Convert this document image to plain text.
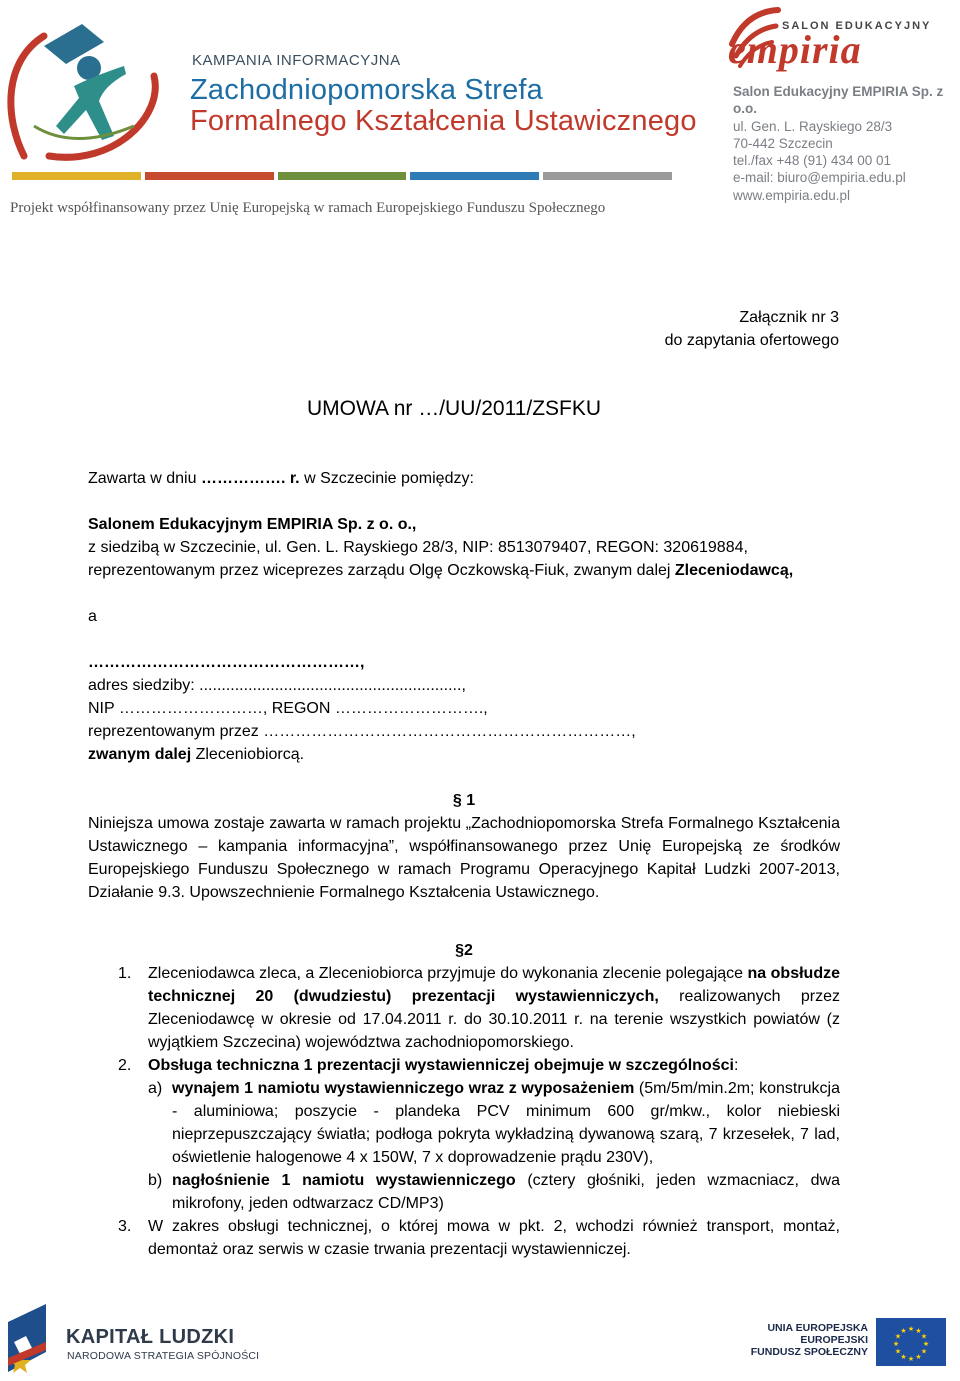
KAMPANIA INFORMACYJNA
Zachodniopomorska Strefa
Formalnego Kształcenia Ustawicznego
Projekt współfinansowany przez Unię Europejską w ramach Europejskiego Funduszu Społecznego
SALON EDUKACYJNY
empiria
Salon Edukacyjny EMPIRIA Sp. z o.o.
ul. Gen. L. Rayskiego 28/3
70-442 Szczecin
tel./fax +48 (91) 434 00 01
e-mail: biuro@empiria.edu.pl
www.empiria.edu.pl
Załącznik nr 3
do zapytania ofertowego
UMOWA nr …/UU/2011/ZSFKU
Zawarta w dniu ……………. r. w Szczecinie pomiędzy:
Salonem Edukacyjnym EMPIRIA Sp. z o. o.,
z siedzibą w Szczecinie, ul. Gen. L. Rayskiego 28/3, NIP: 8513079407, REGON: 320619884,
reprezentowanym przez wiceprezes zarządu Olgę Oczkowską-Fiuk, zwanym dalej Zleceniodawcą,
a
……………………………………………,
adres siedziby: ...........................................................,
NIP ………………………, REGON ……………………….,
reprezentowanym przez ……………………………………………………………,
zwanym dalej Zleceniobiorcą.
§ 1
Niniejsza umowa zostaje zawarta w ramach projektu „Zachodniopomorska Strefa Formalnego Kształcenia Ustawicznego – kampania informacyjna”, współfinansowanego przez Unię Europejską ze środków Europejskiego Funduszu Społecznego w ramach Programu Operacyjnego Kapitał Ludzki 2007-2013, Działanie 9.3. Upowszechnienie Formalnego Kształcenia Ustawicznego.
§2
1. Zleceniodawca zleca, a Zleceniobiorca przyjmuje do wykonania zlecenie polegające na obsłudze technicznej 20 (dwudziestu) prezentacji wystawienniczych, realizowanych przez Zleceniodawcę w okresie od 17.04.2011 r. do 30.10.2011 r. na terenie wszystkich powiatów (z wyjątkiem Szczecina) województwa zachodniopomorskiego.
2. Obsługa techniczna 1 prezentacji wystawienniczej obejmuje w szczególności:
a) wynajem 1 namiotu wystawienniczego wraz z wyposażeniem (5m/5m/min.2m; konstrukcja - aluminiowa; poszycie - plandeka PCV minimum 600 gr/mkw., kolor niebieski nieprzepuszczający światła; podłoga pokryta wykładziną dywanową szarą, 7 krzesełek, 7 lad, oświetlenie halogenowe 4 x 150W, 7 x doprowadzenie prądu 230V),
b) nagłośnienie 1 namiotu wystawienniczego (cztery głośniki, jeden wzmacniacz, dwa mikrofony, jeden odtwarzacz CD/MP3)
3. W zakres obsługi technicznej, o której mowa w pkt. 2, wchodzi również transport, montaż, demontaż oraz serwis w czasie trwania prezentacji wystawienniczej.
KAPITAŁ LUDZKI
NARODOWA STRATEGIA SPÓJNOŚCI
UNIA EUROPEJSKA
EUROPEJSKI
FUNDUSZ SPOŁECZNY
★
★
★
★
★
★
★
★
★ ★ ★
★
